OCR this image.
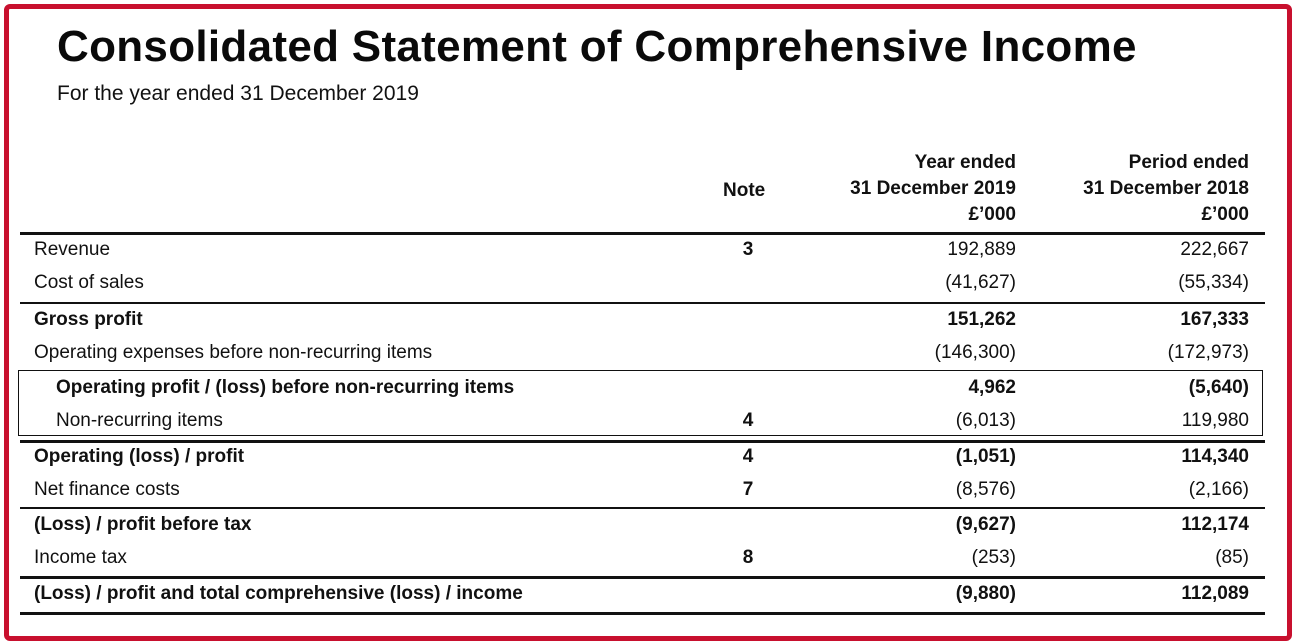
Consolidated Statement of Comprehensive Income
For the year ended 31 December 2019
Note
Year ended
31 December 2019
£’000
Period ended
31 December 2018
£’000
Revenue	3	192,889	222,667
Cost of sales	(41,627)	(55,334)
Gross profit	151,262	167,333
Operating expenses before non-recurring items	(146,300)	(172,973)
Operating profit / (loss) before non-recurring items	4,962	(5,640)
Non-recurring items	4	(6,013)	119,980
Operating (loss) / profit	4	(1,051)	114,340
Net finance costs	7	(8,576)	(2,166)
(Loss) / profit before tax	(9,627)	112,174
Income tax	8	(253)	(85)
(Loss) / profit and total comprehensive (loss) / income	(9,880)	112,089
